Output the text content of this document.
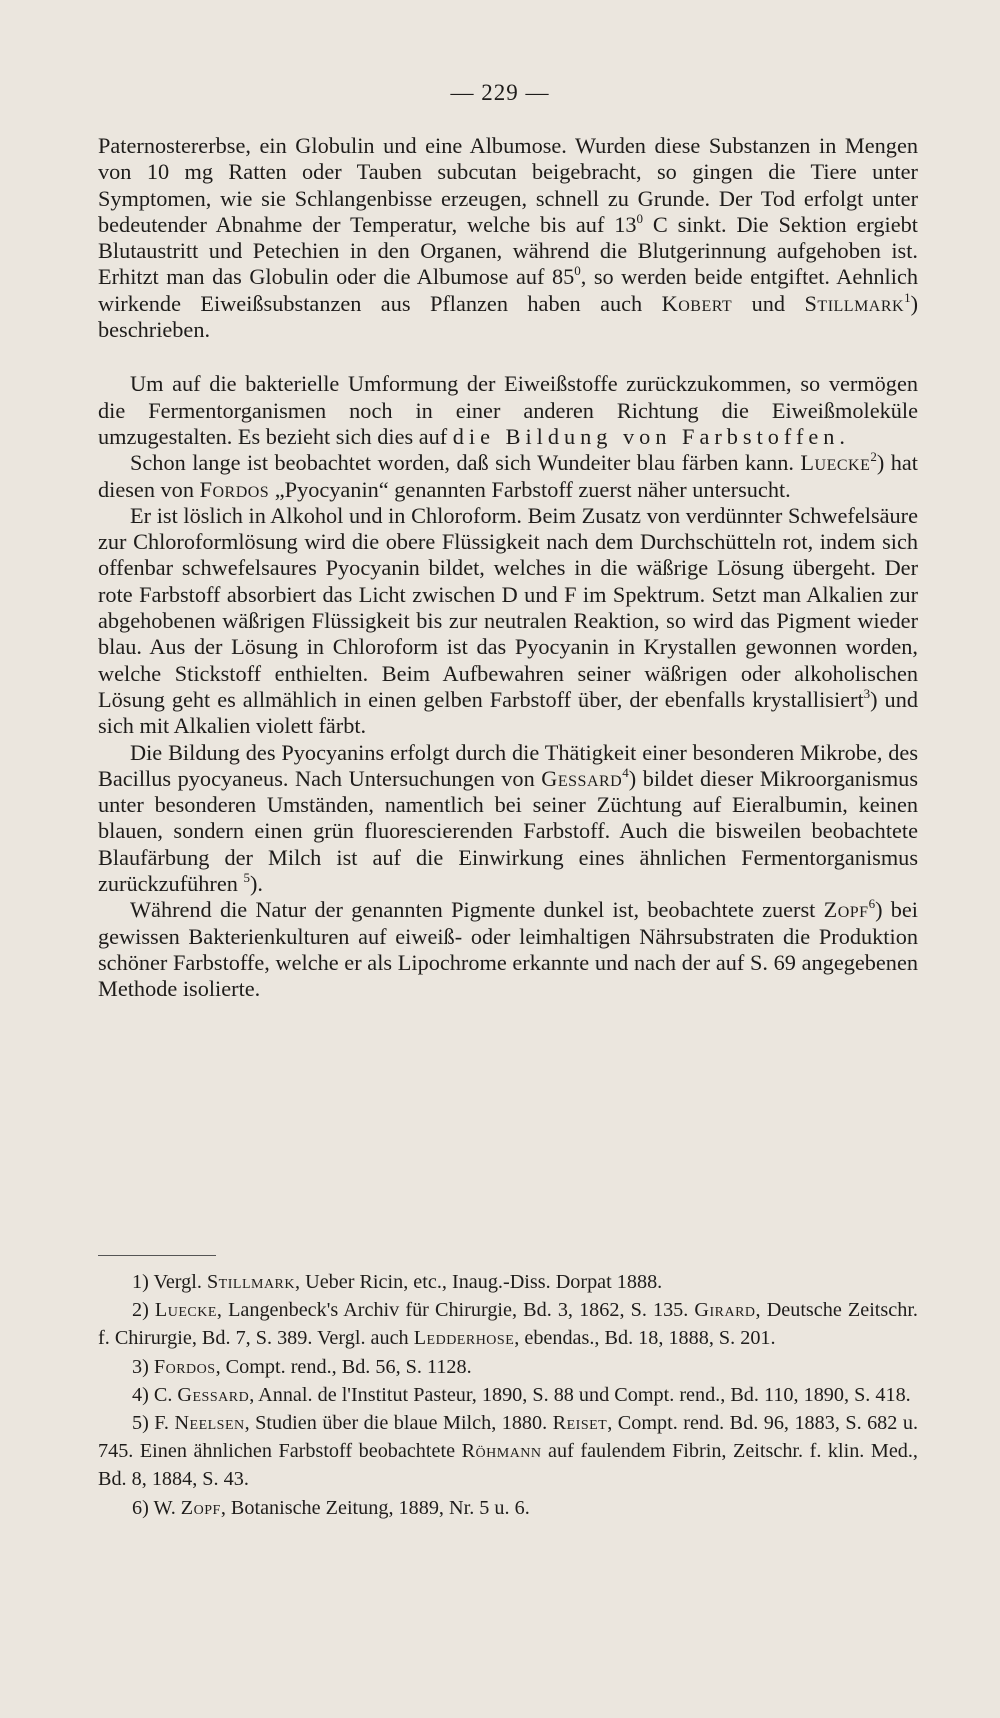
— 229 —

Paternostererbse, ein Globulin und eine Albumose. Wurden diese Substanzen in Mengen von 10 mg Ratten oder Tauben subcutan beigebracht, so gingen die Tiere unter Symptomen, wie sie Schlangenbisse erzeugen, schnell zu Grunde. Der Tod erfolgt unter bedeutender Abnahme der Temperatur, welche bis auf $13^0$ C sinkt. Die Sektion ergiebt Blutaustritt und Petechien in den Organen, während die Blutgerinnung aufgehoben ist. Erhitzt man das Globulin oder die Albumose auf $85^0$, so werden beide entgiftet. Aehnlich wirkende Eiweißsubstanzen aus Pflanzen haben auch Kobert und Stillmark$^1$) beschrieben.

Um auf die bakterielle Umformung der Eiweißstoffe zurückzukommen, so vermögen die Fermentorganismen noch in einer anderen Richtung die Eiweißmoleküle umzugestalten. Es bezieht sich dies auf die Bildung von Farbstoffen.

Schon lange ist beobachtet worden, daß sich Wundeiter blau färben kann. Luecke$^2$) hat diesen von Fordos „Pyocyanin“ genannten Farbstoff zuerst näher untersucht.

Er ist löslich in Alkohol und in Chloroform. Beim Zusatz von verdünnter Schwefelsäure zur Chloroformlösung wird die obere Flüssigkeit nach dem Durchschütteln rot, indem sich offenbar schwefelsaures Pyocyanin bildet, welches in die wäßrige Lösung übergeht. Der rote Farbstoff absorbiert das Licht zwischen D und F im Spektrum. Setzt man Alkalien zur abgehobenen wäßrigen Flüssigkeit bis zur neutralen Reaktion, so wird das Pigment wieder blau. Aus der Lösung in Chloroform ist das Pyocyanin in Krystallen gewonnen worden, welche Stickstoff enthielten. Beim Aufbewahren seiner wäßrigen oder alkoholischen Lösung geht es allmählich in einen gelben Farbstoff über, der ebenfalls krystallisiert$^3$) und sich mit Alkalien violett färbt.

Die Bildung des Pyocyanins erfolgt durch die Thätigkeit einer besonderen Mikrobe, des Bacillus pyocyaneus. Nach Untersuchungen von Gessard$^4$) bildet dieser Mikroorganismus unter besonderen Umständen, namentlich bei seiner Züchtung auf Eieralbumin, keinen blauen, sondern einen grün fluorescierenden Farbstoff. Auch die bisweilen beobachtete Blaufärbung der Milch ist auf die Einwirkung eines ähnlichen Fermentorganismus zurückzuführen $^5$).

Während die Natur der genannten Pigmente dunkel ist, beobachtete zuerst Zopf$^6$) bei gewissen Bakterienkulturen auf eiweiß- oder leimhaltigen Nährsubstraten die Produktion schöner Farbstoffe, welche er als Lipochrome erkannte und nach der auf S. 69 angegebenen Methode isolierte.

1) Vergl. Stillmark, Ueber Ricin, etc., Inaug.-Diss. Dorpat 1888.

2) Luecke, Langenbeck's Archiv für Chirurgie, Bd. 3, 1862, S. 135. Girard, Deutsche Zeitschr. f. Chirurgie, Bd. 7, S. 389. Vergl. auch Ledderhose, ebendas., Bd. 18, 1888, S. 201.

3) Fordos, Compt. rend., Bd. 56, S. 1128.

4) C. Gessard, Annal. de l'Institut Pasteur, 1890, S. 88 und Compt. rend., Bd. 110, 1890, S. 418.

5) F. Neelsen, Studien über die blaue Milch, 1880. Reiset, Compt. rend. Bd. 96, 1883, S. 682 u. 745. Einen ähnlichen Farbstoff beobachtete Röhmann auf faulendem Fibrin, Zeitschr. f. klin. Med., Bd. 8, 1884, S. 43.

6) W. Zopf, Botanische Zeitung, 1889, Nr. 5 u. 6.
